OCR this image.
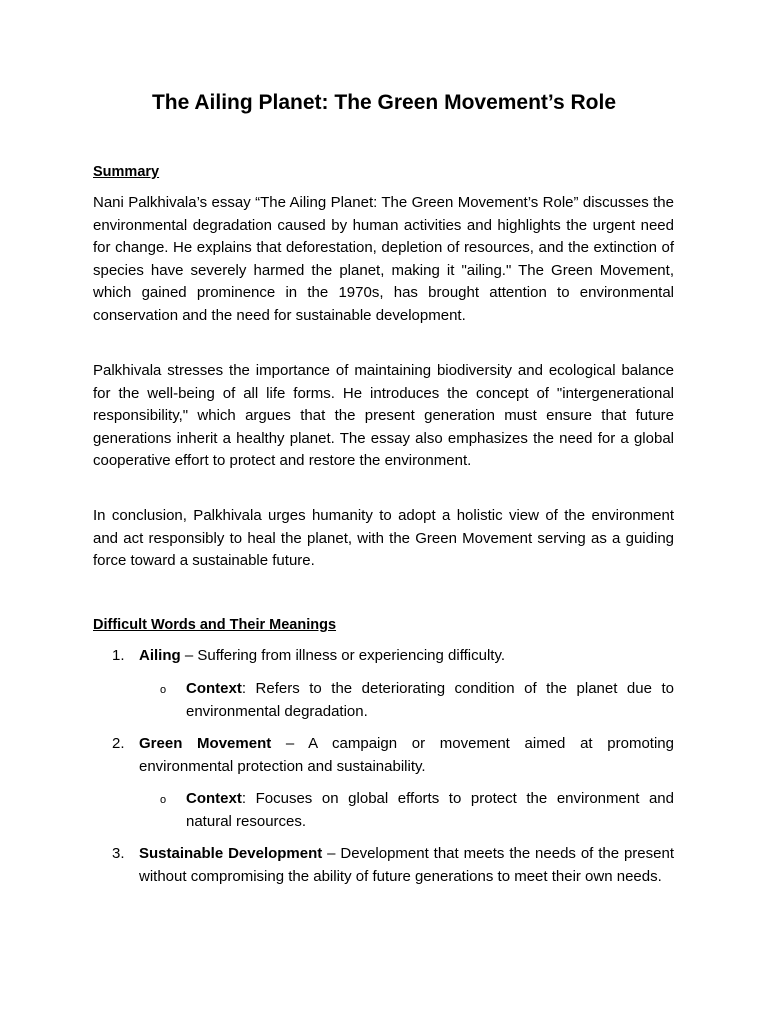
The Ailing Planet: The Green Movement’s Role
Summary

Nani Palkhivala’s essay “The Ailing Planet: The Green Movement’s Role” discusses the environmental degradation caused by human activities and highlights the urgent need for change. He explains that deforestation, depletion of resources, and the extinction of species have severely harmed the planet, making it "ailing." The Green Movement, which gained prominence in the 1970s, has brought attention to environmental conservation and the need for sustainable development.

Palkhivala stresses the importance of maintaining biodiversity and ecological balance for the well-being of all life forms. He introduces the concept of "intergenerational responsibility," which argues that the present generation must ensure that future generations inherit a healthy planet. The essay also emphasizes the need for a global cooperative effort to protect and restore the environment.

In conclusion, Palkhivala urges humanity to adopt a holistic view of the environment and act responsibly to heal the planet, with the Green Movement serving as a guiding force toward a sustainable future.

Difficult Words and Their Meanings
1. Ailing – Suffering from illness or experiencing difficulty.

o Context: Refers to the deteriorating condition of the planet due to environmental degradation.

2. Green Movement – A campaign or movement aimed at promoting environmental protection and sustainability.

o Context: Focuses on global efforts to protect the environment and natural resources.

3. Sustainable Development – Development that meets the needs of the present without compromising the ability of future generations to meet their own needs.
